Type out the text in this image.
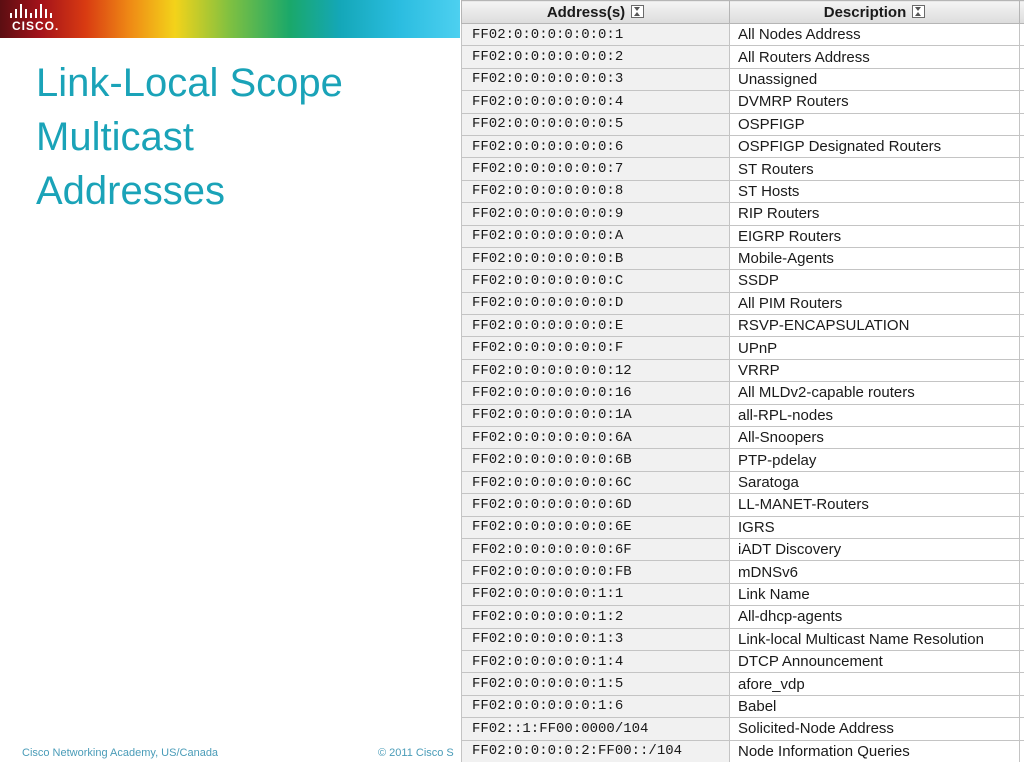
CISCO.
Link-Local Scope
Multicast
Addresses
Address(s)	Description	
FF02:0:0:0:0:0:0:1	All Nodes Address	
FF02:0:0:0:0:0:0:2	All Routers Address	
FF02:0:0:0:0:0:0:3	Unassigned	
FF02:0:0:0:0:0:0:4	DVMRP Routers	
FF02:0:0:0:0:0:0:5	OSPFIGP	
FF02:0:0:0:0:0:0:6	OSPFIGP Designated Routers	
FF02:0:0:0:0:0:0:7	ST Routers	
FF02:0:0:0:0:0:0:8	ST Hosts	
FF02:0:0:0:0:0:0:9	RIP Routers	
FF02:0:0:0:0:0:0:A	EIGRP Routers	
FF02:0:0:0:0:0:0:B	Mobile-Agents	
FF02:0:0:0:0:0:0:C	SSDP	
FF02:0:0:0:0:0:0:D	All PIM Routers	
FF02:0:0:0:0:0:0:E	RSVP-ENCAPSULATION	
FF02:0:0:0:0:0:0:F	UPnP	
FF02:0:0:0:0:0:0:12	VRRP	
FF02:0:0:0:0:0:0:16	All MLDv2-capable routers	
FF02:0:0:0:0:0:0:1A	all-RPL-nodes	
FF02:0:0:0:0:0:0:6A	All-Snoopers	
FF02:0:0:0:0:0:0:6B	PTP-pdelay	
FF02:0:0:0:0:0:0:6C	Saratoga	
FF02:0:0:0:0:0:0:6D	LL-MANET-Routers	
FF02:0:0:0:0:0:0:6E	IGRS	
FF02:0:0:0:0:0:0:6F	iADT Discovery	
FF02:0:0:0:0:0:0:FB	mDNSv6	
FF02:0:0:0:0:0:1:1	Link Name	
FF02:0:0:0:0:0:1:2	All-dhcp-agents	
FF02:0:0:0:0:0:1:3	Link-local Multicast Name Resolution	
FF02:0:0:0:0:0:1:4	DTCP Announcement	
FF02:0:0:0:0:0:1:5	afore_vdp	
FF02:0:0:0:0:0:1:6	Babel	
FF02::1:FF00:0000/104	Solicited-Node Address	
FF02:0:0:0:0:2:FF00::/104	Node Information Queries	
Cisco Networking Academy, US/Canada	© 2011 Cisco S
